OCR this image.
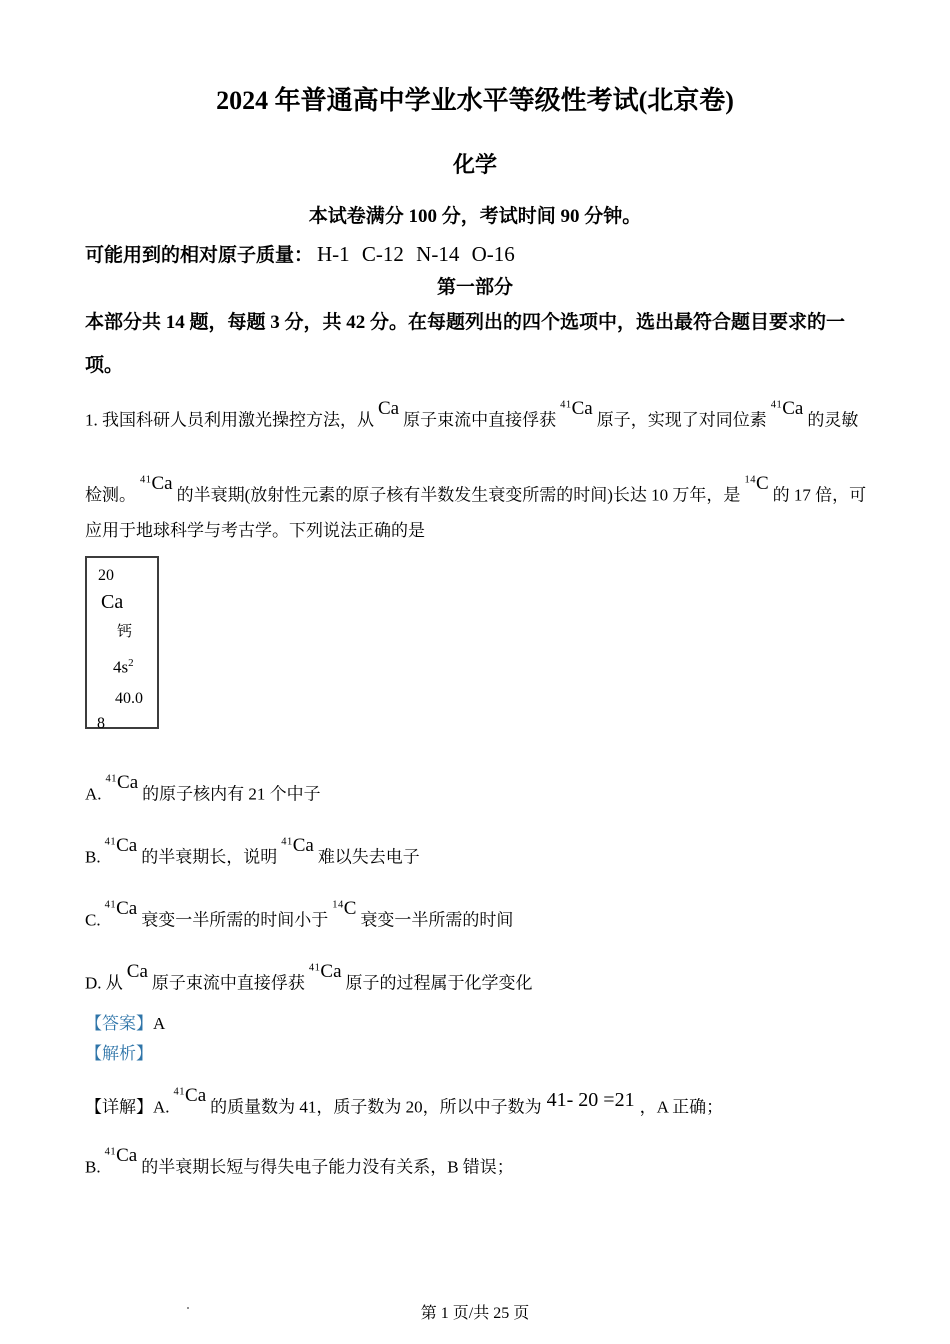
2024 年普通高中学业水平等级性考试(北京卷)
化学
本试卷满分 100 分，考试时间 90 分钟。
可能用到的相对原子质量： H-1 C-12 N-14 O-16
第一部分
本部分共 14 题，每题 3 分，共 42 分。在每题列出的四个选项中，选出最符合题目要求的一
项。
1. 我国科研人员利用激光操控方法，从Ca原子束流中直接俘获$^{41}$Ca原子，实现了对同位素$^{41}$Ca的灵敏
检测。$^{41}$Ca的半衰期(放射性元素的原子核有半数发生衰变所需的时间)长达 10 万年，是$^{14}$C的 17 倍，可
应用于地球科学与考古学。下列说法正确的是
20
Ca
钙
$4s^2$
40.0
8
A.$^{41}$Ca的原子核内有 21 个中子
B.$^{41}$Ca的半衰期长，说明$^{41}$Ca难以失去电子
C.$^{41}$Ca衰变一半所需的时间小于$^{14}$C衰变一半所需的时间
D. 从Ca原子束流中直接俘获$^{41}$Ca原子的过程属于化学变化
【答案】A
【解析】
【详解】A.$^{41}$Ca的质量数为 41，质子数为 20，所以中子数为 41- 20 =21 ，A 正确；
B.$^{41}$Ca的半衰期长短与得失电子能力没有关系，B 错误；
第 1 页/共 25 页
